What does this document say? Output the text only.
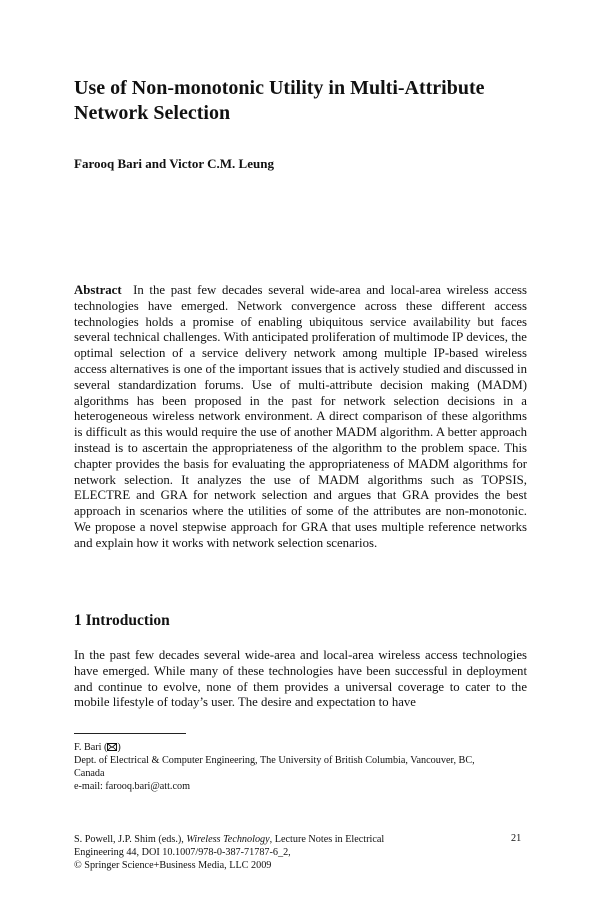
Use of Non-monotonic Utility in Multi-Attribute Network Selection

Farooq Bari and Victor C.M. Leung

Abstract In the past few decades several wide-area and local-area wireless access technologies have emerged. Network convergence across these different access technologies holds a promise of enabling ubiquitous service availability but faces several technical challenges. With anticipated proliferation of multimode IP devices, the optimal selection of a service delivery network among multiple IP-based wireless access alternatives is one of the important issues that is actively studied and discussed in several standardization forums. Use of multi-attribute decision making (MADM) algorithms has been proposed in the past for network selection decisions in a heterogeneous wireless network environment. A direct comparison of these algorithms is difficult as this would require the use of another MADM algorithm. A better approach instead is to ascertain the appropriateness of the algorithm to the problem space. This chapter provides the basis for evaluating the appropriateness of MADM algorithms for network selection. It analyzes the use of MADM algorithms such as TOPSIS, ELECTRE and GRA for network selection and argues that GRA provides the best approach in scenarios where the utilities of some of the attributes are non-monotonic. We propose a novel stepwise approach for GRA that uses multiple reference networks and explain how it works with network selection scenarios.

1 Introduction

In the past few decades several wide-area and local-area wireless access technologies have emerged. While many of these technologies have been successful in deployment and continue to evolve, none of them provides a universal coverage to cater to the mobile lifestyle of today’s user. The desire and expectation to have

F. Bari ( )
Dept. of Electrical & Computer Engineering, The University of British Columbia, Vancouver, BC,
Canada
e-mail: farooq.bari@att.com
S. Powell, J.P. Shim (eds.), Wireless Technology, Lecture Notes in Electrical
Engineering 44, DOI 10.1007/978-0-387-71787-6_2,
© Springer Science+Business Media, LLC 2009

21
